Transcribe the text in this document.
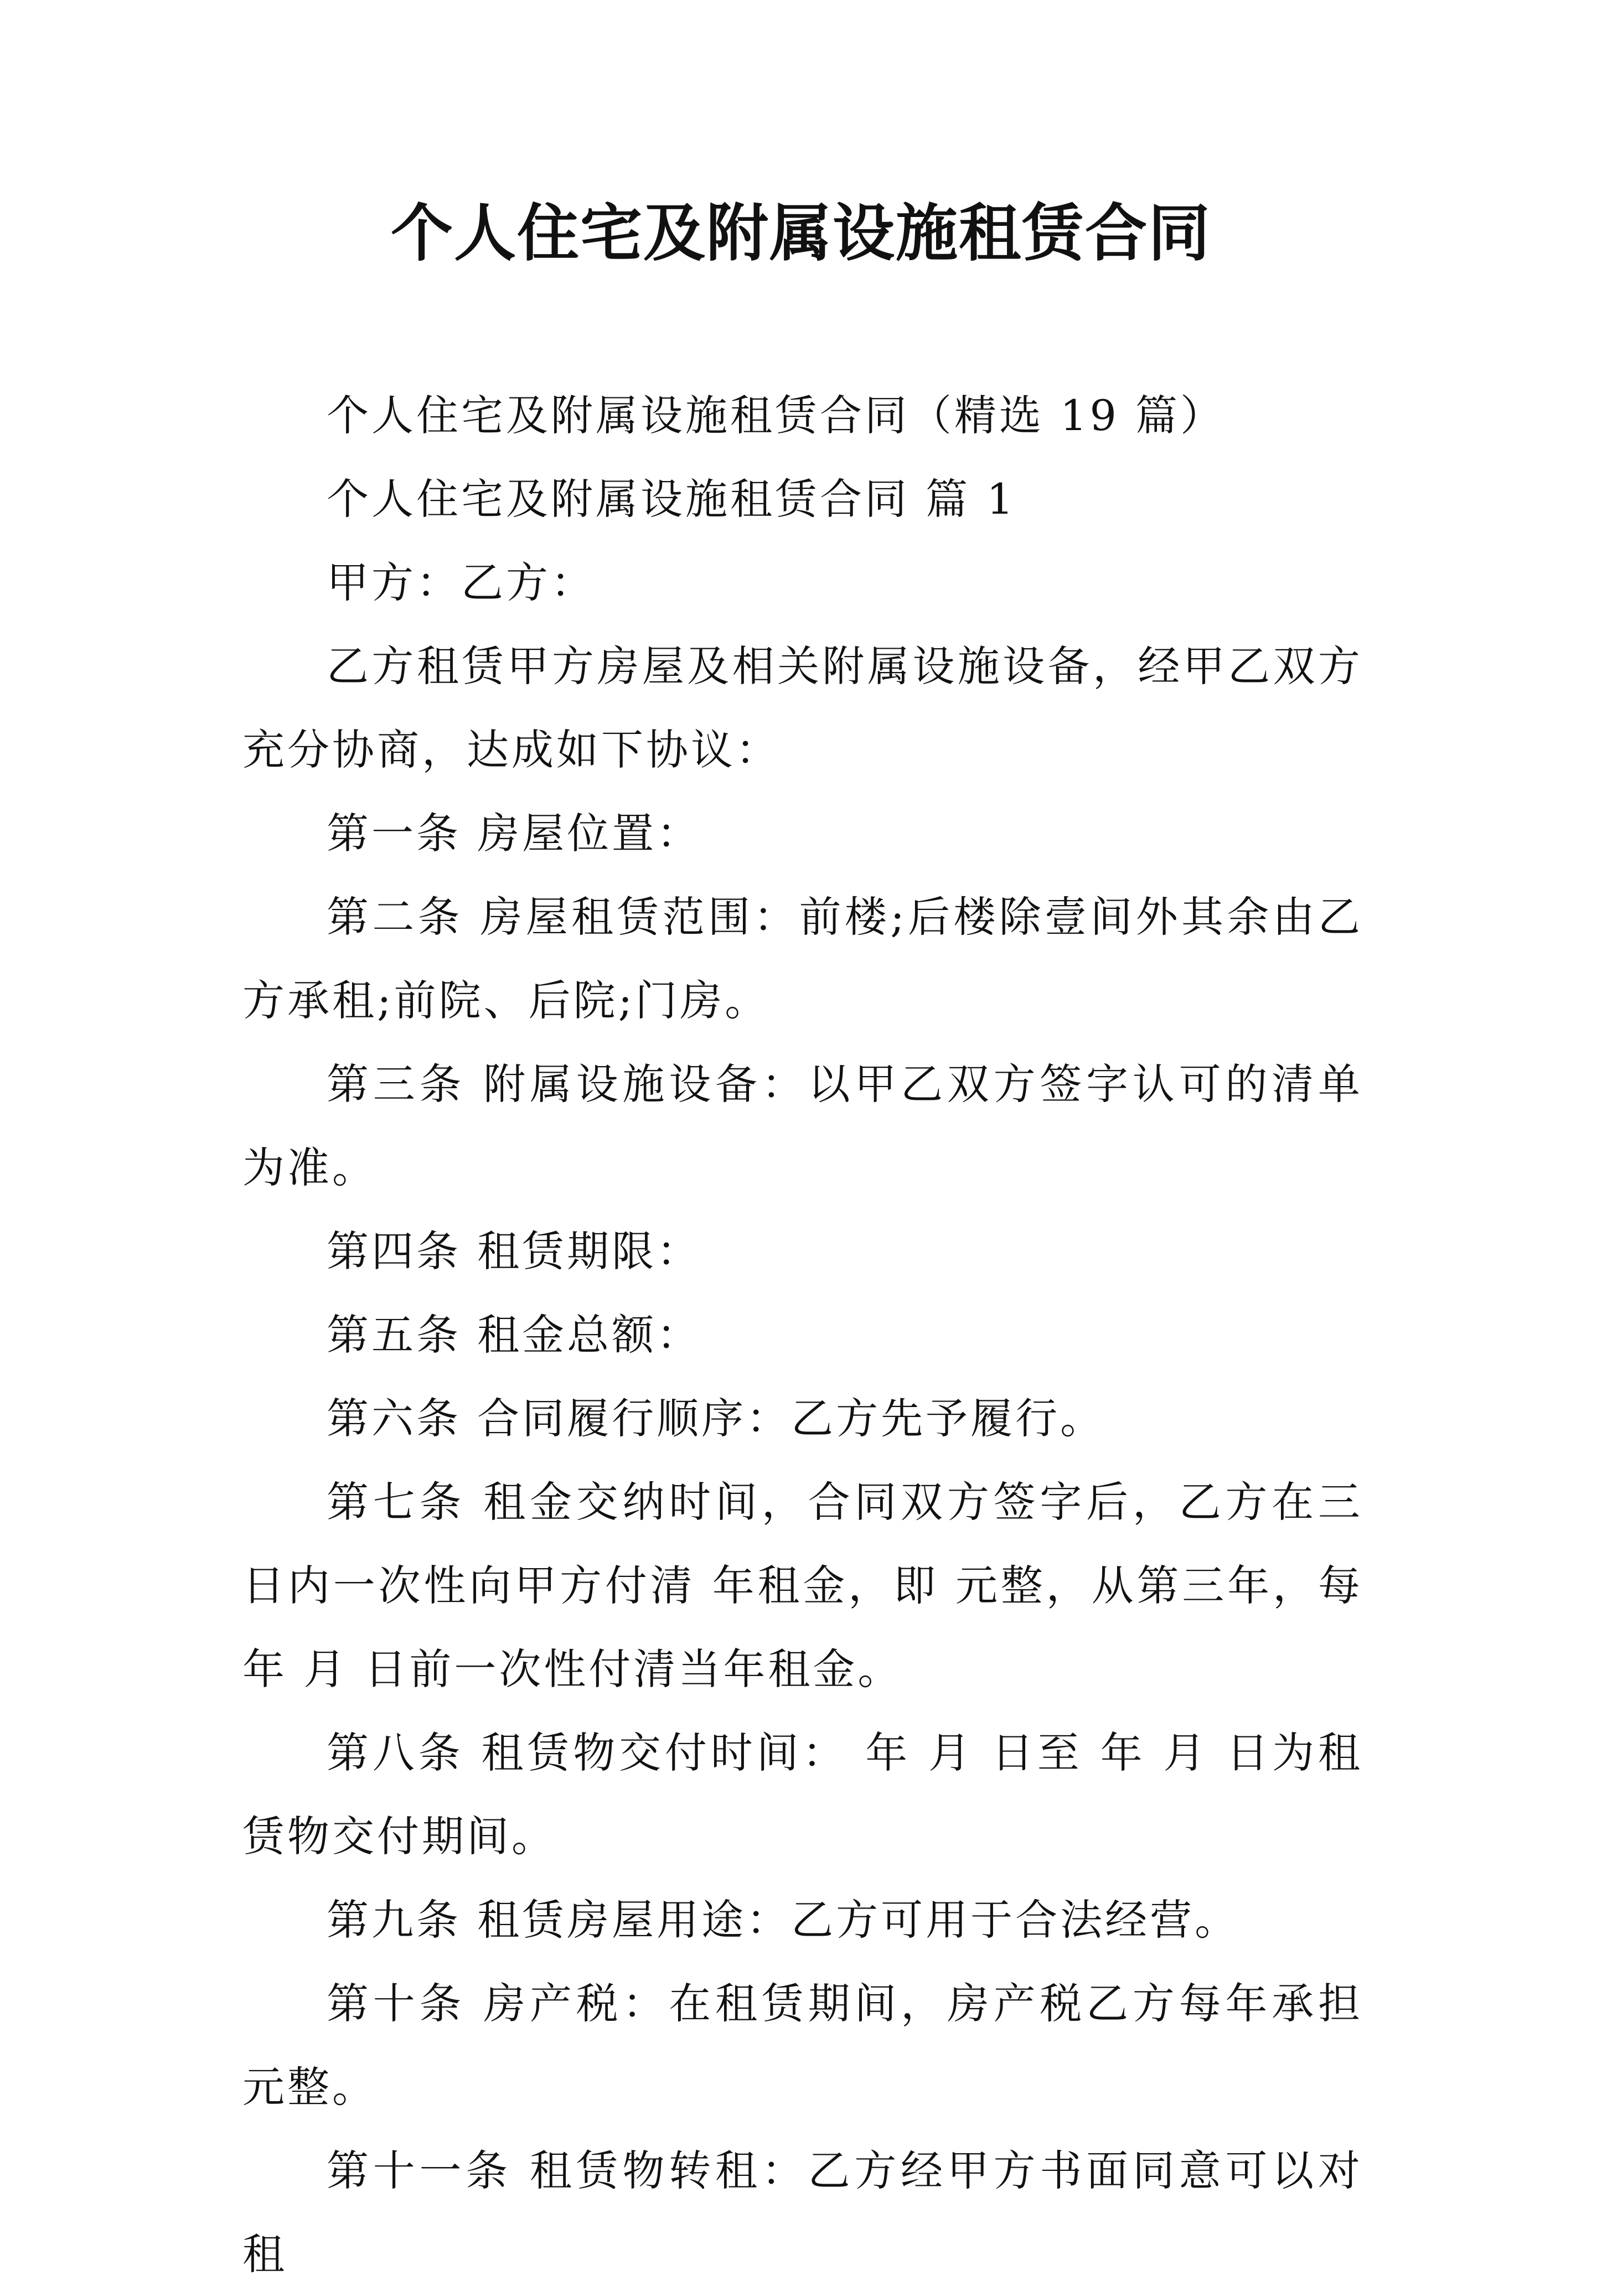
个人住宅及附属设施租赁合同

个人住宅及附属设施租赁合同（精选 19 篇）

个人住宅及附属设施租赁合同 篇 1

甲方：乙方：

乙方租赁甲方房屋及相关附属设施设备，经甲乙双方充分协商，达成如下协议：

第一条 房屋位置：

第二条 房屋租赁范围：前楼;后楼除壹间外其余由乙方承租;前院、后院;门房。

第三条 附属设施设备：以甲乙双方签字认可的清单为准。

第四条 租赁期限：

第五条 租金总额：

第六条 合同履行顺序：乙方先予履行。

第七条 租金交纳时间，合同双方签字后，乙方在三日内一次性向甲方付清 年租金，即 元整，从第三年，每年 月 日前一次性付清当年租金。

第八条 租赁物交付时间： 年 月 日至 年 月 日为租赁物交付期间。

第九条 租赁房屋用途：乙方可用于合法经营。

第十条 房产税：在租赁期间，房产税乙方每年承担 元整。

第十一条 租赁物转租：乙方经甲方书面同意可以对租
